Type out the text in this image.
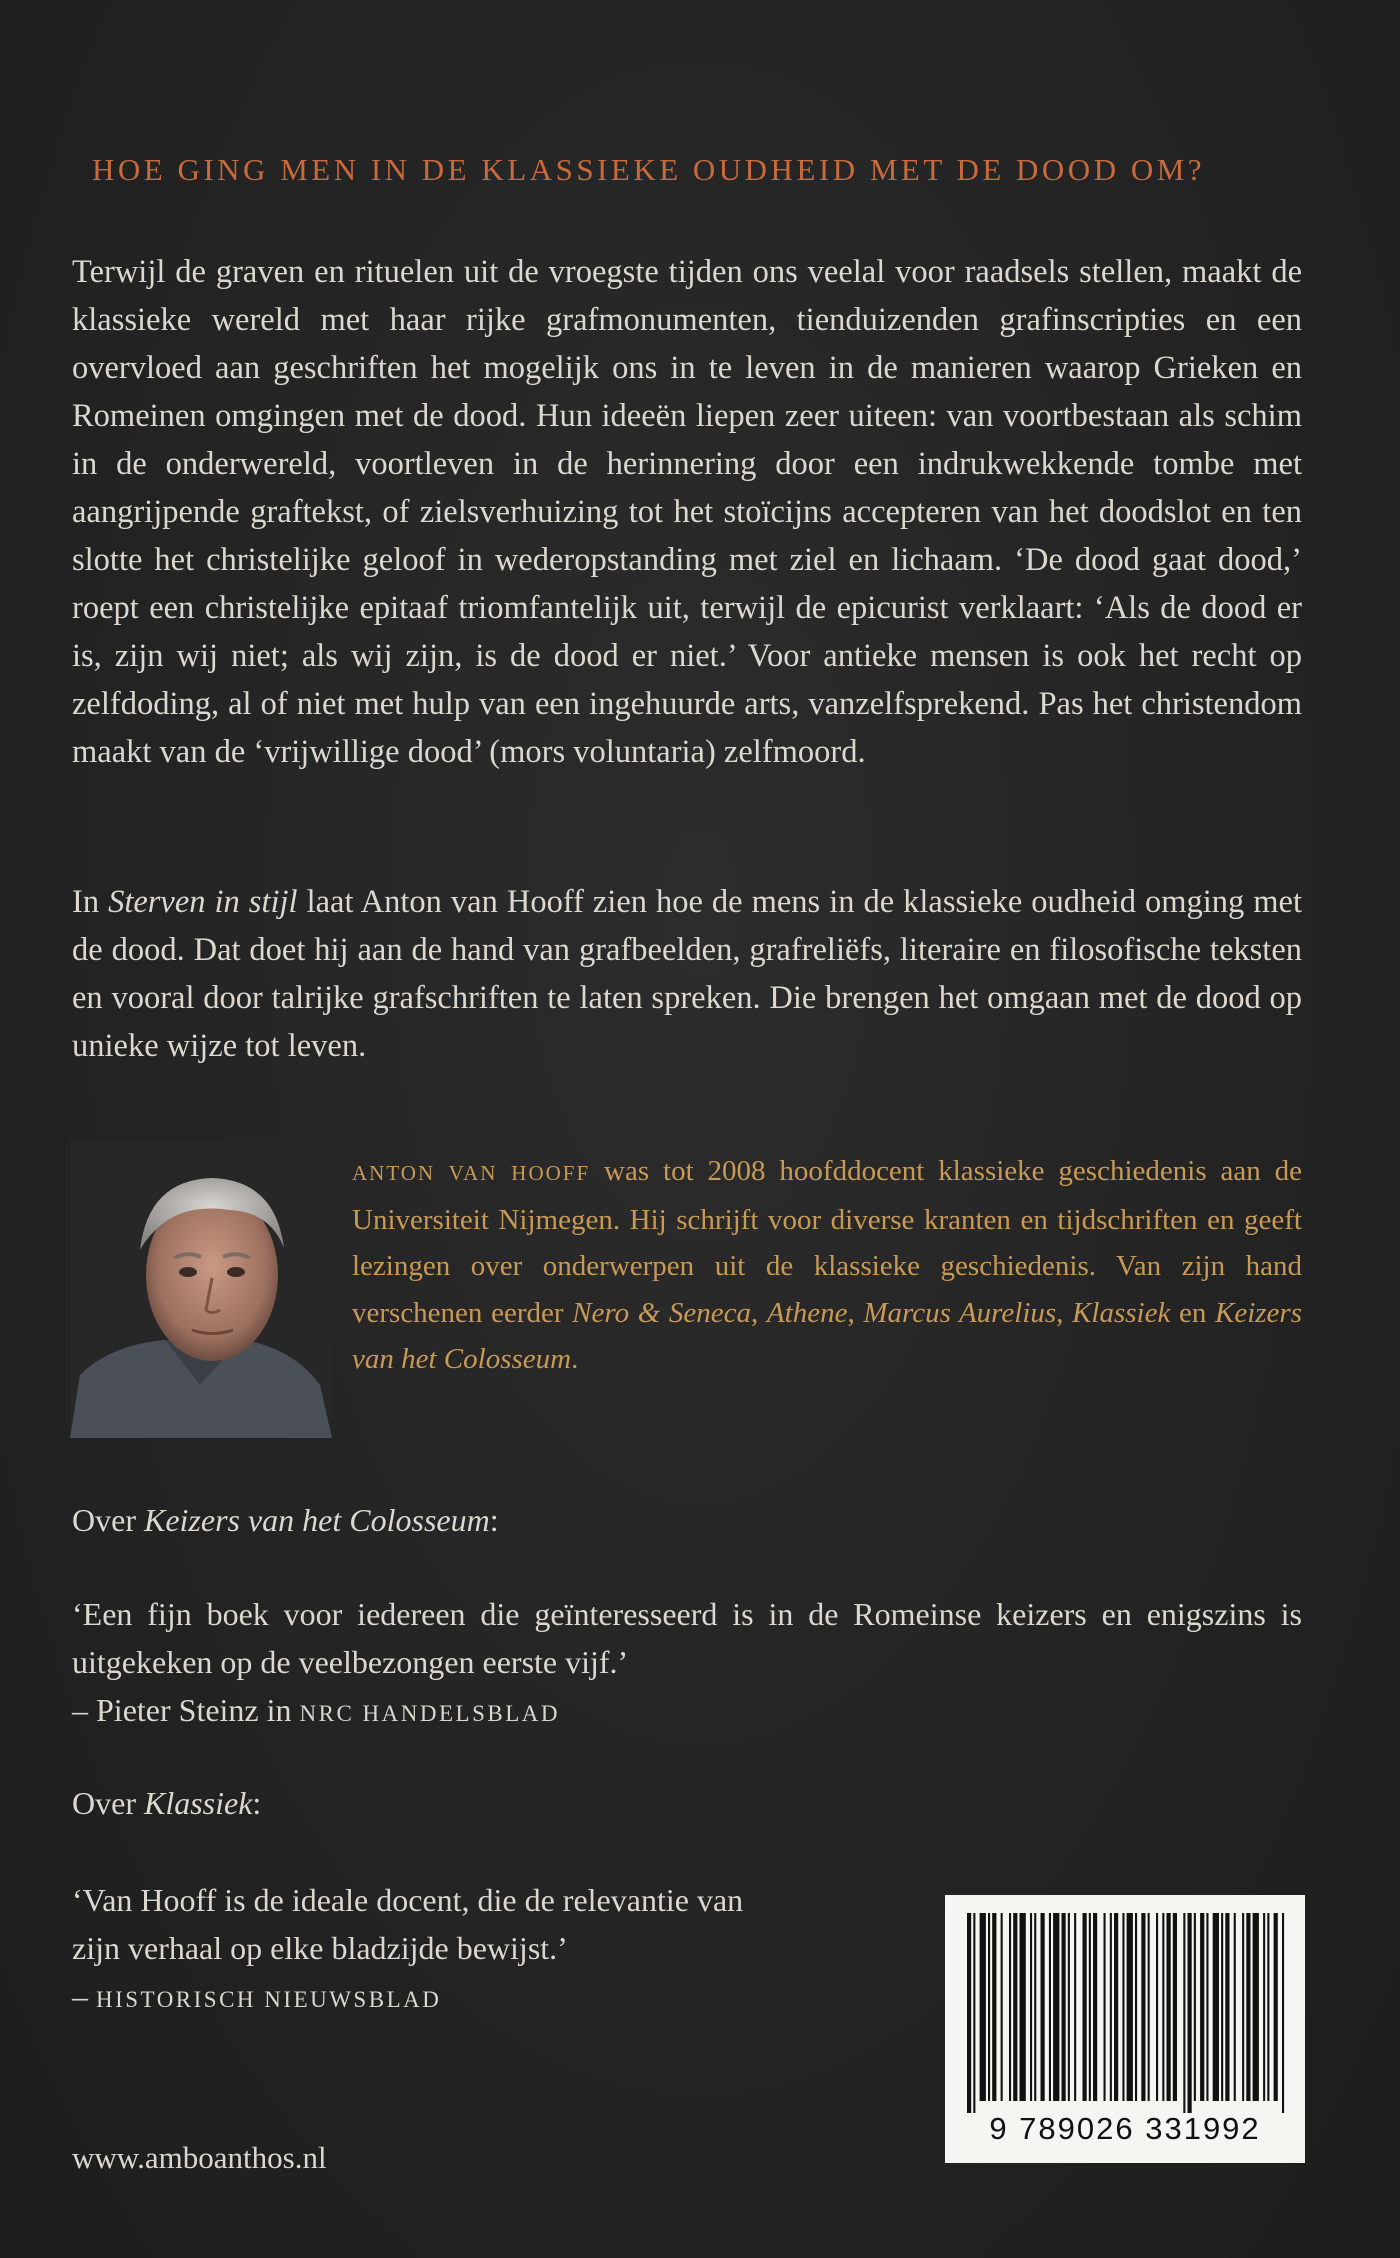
HOE GING MEN IN DE KLASSIEKE OUDHEID MET DE DOOD OM?

Terwijl de graven en rituelen uit de vroegste tijden ons veelal voor raadsels stellen, maakt de klassieke wereld met haar rijke grafmonumenten, tienduizenden grafinscripties en een overvloed aan geschriften het mogelijk ons in te leven in de manieren waarop Grieken en Romeinen omgingen met de dood. Hun ideeën liepen zeer uiteen: van voortbestaan als schim in de onderwereld, voortleven in de herinnering door een indrukwekkende tombe met aangrijpende graftekst, of zielsverhuizing tot het stoïcijns accepteren van het doodslot en ten slotte het christelijke geloof in wederopstanding met ziel en lichaam. ‘De dood gaat dood,’ roept een christelijke epitaaf triomfantelijk uit, terwijl de epicurist verklaart: ‘Als de dood er is, zijn wij niet; als wij zijn, is de dood er niet.’ Voor antieke mensen is ook het recht op zelfdoding, al of niet met hulp van een ingehuurde arts, vanzelfsprekend. Pas het christendom maakt van de ‘vrijwillige dood’ (mors voluntaria) zelfmoord.

In Sterven in stijl laat Anton van Hooff zien hoe de mens in de klassieke oudheid omging met de dood. Dat doet hij aan de hand van grafbeelden, grafreliëfs, literaire en filosofische teksten en vooral door talrijke grafschriften te laten spreken. Die brengen het omgaan met de dood op unieke wijze tot leven.

ANTON VAN HOOFF was tot 2008 hoofddocent klassieke geschiedenis aan de Universiteit Nijmegen. Hij schrijft voor diverse kranten en tijdschriften en geeft lezingen over onderwerpen uit de klassieke geschiedenis. Van zijn hand verschenen eerder Nero & Seneca, Athene, Marcus Aurelius, Klassiek en Keizers van het Colosseum.

Over Keizers van het Colosseum:

‘Een fijn boek voor iedereen die geïnteresseerd is in de Romeinse keizers en enigszins is uitgekeken op de veelbezongen eerste vijf.’

– Pieter Steinz in NRC HANDELSBLAD

Over Klassiek:

‘Van Hooff is de ideale docent, die de relevantie van

zijn verhaal op elke bladzijde bewijst.’

– HISTORISCH NIEUWSBLAD

9 789026 331992
www.amboanthos.nl
